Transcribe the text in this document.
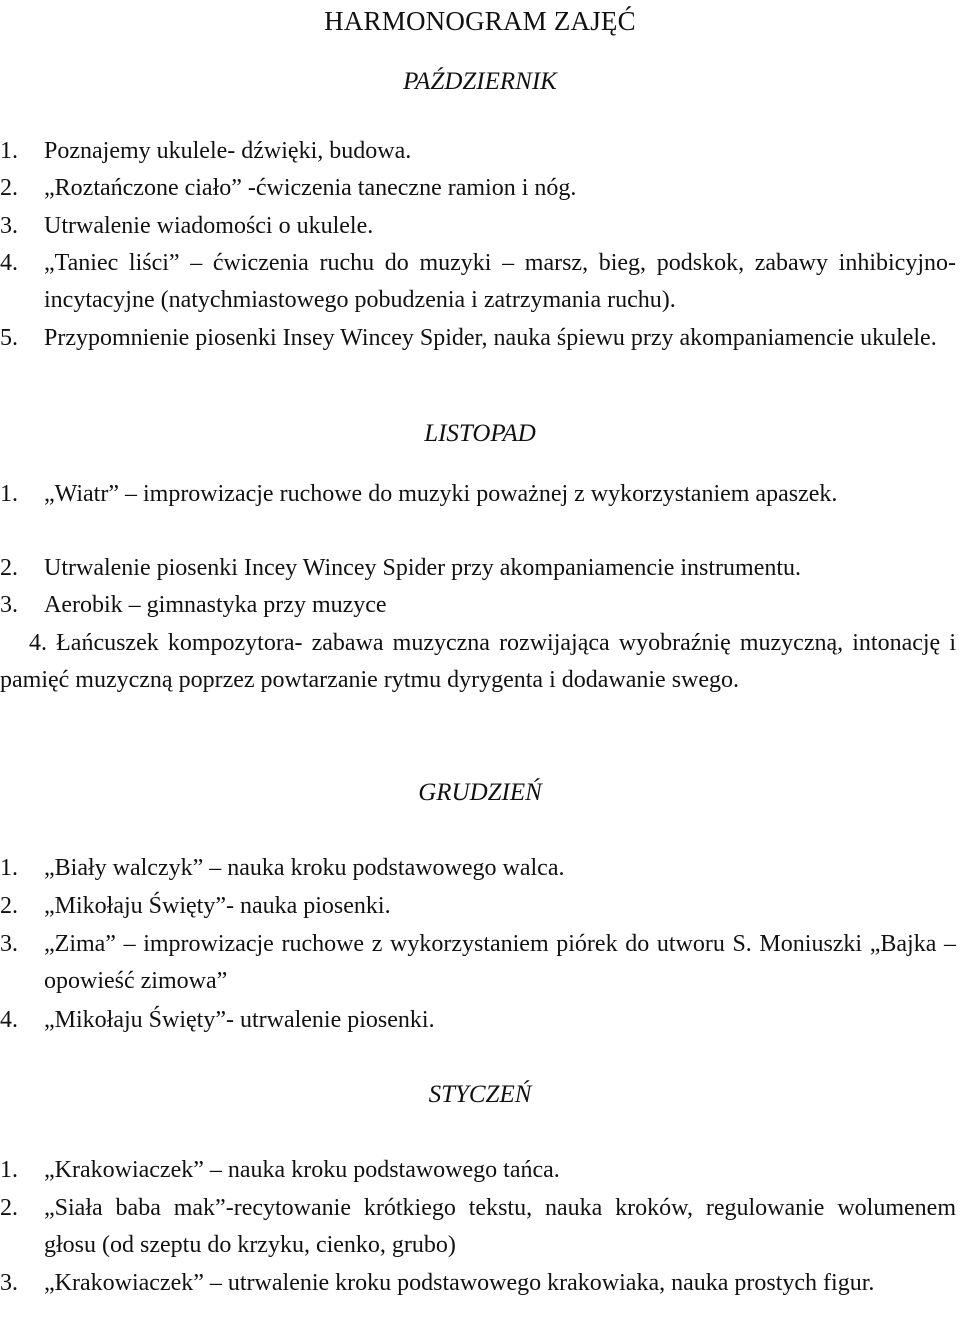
HARMONOGRAM ZAJĘĆ
PAŹDZIERNIK
1.	Poznajemy ukulele- dźwięki, budowa.
2.	„Roztańczone ciało” -ćwiczenia taneczne ramion i nóg.
3.	Utrwalenie wiadomości o ukulele.
4.	„Taniec liści” – ćwiczenia ruchu do muzyki – marsz, bieg, podskok, zabawy inhibicyjno-incytacyjne (natychmiastowego pobudzenia i zatrzymania ruchu).
5.	Przypomnienie piosenki Insey Wincey Spider, nauka śpiewu przy akompaniamencie ukulele.
LISTOPAD
1.	„Wiatr” – improwizacje ruchowe do muzyki poważnej z wykorzystaniem apaszek.
2.	Utrwalenie piosenki Incey Wincey Spider przy akompaniamencie instrumentu.
3.	Aerobik – gimnastyka przy muzyce
4. Łańcuszek kompozytora- zabawa muzyczna rozwijająca wyobraźnię muzyczną, intonację i pamięć muzyczną poprzez powtarzanie rytmu dyrygenta i dodawanie swego.
GRUDZIEŃ
1.	„Biały walczyk” – nauka kroku podstawowego walca.
2.	„Mikołaju Święty”- nauka piosenki.
3.	„Zima” – improwizacje ruchowe z wykorzystaniem piórek do utworu S. Moniuszki „Bajka – opowieść zimowa”
4.	„Mikołaju Święty”- utrwalenie piosenki.
STYCZEŃ
1.	„Krakowiaczek” – nauka kroku podstawowego tańca.
2.	„Siała baba mak”-recytowanie krótkiego tekstu, nauka kroków, regulowanie wolumenem głosu (od szeptu do krzyku, cienko, grubo)
3.	„Krakowiaczek” – utrwalenie kroku podstawowego krakowiaka, nauka prostych figur.
